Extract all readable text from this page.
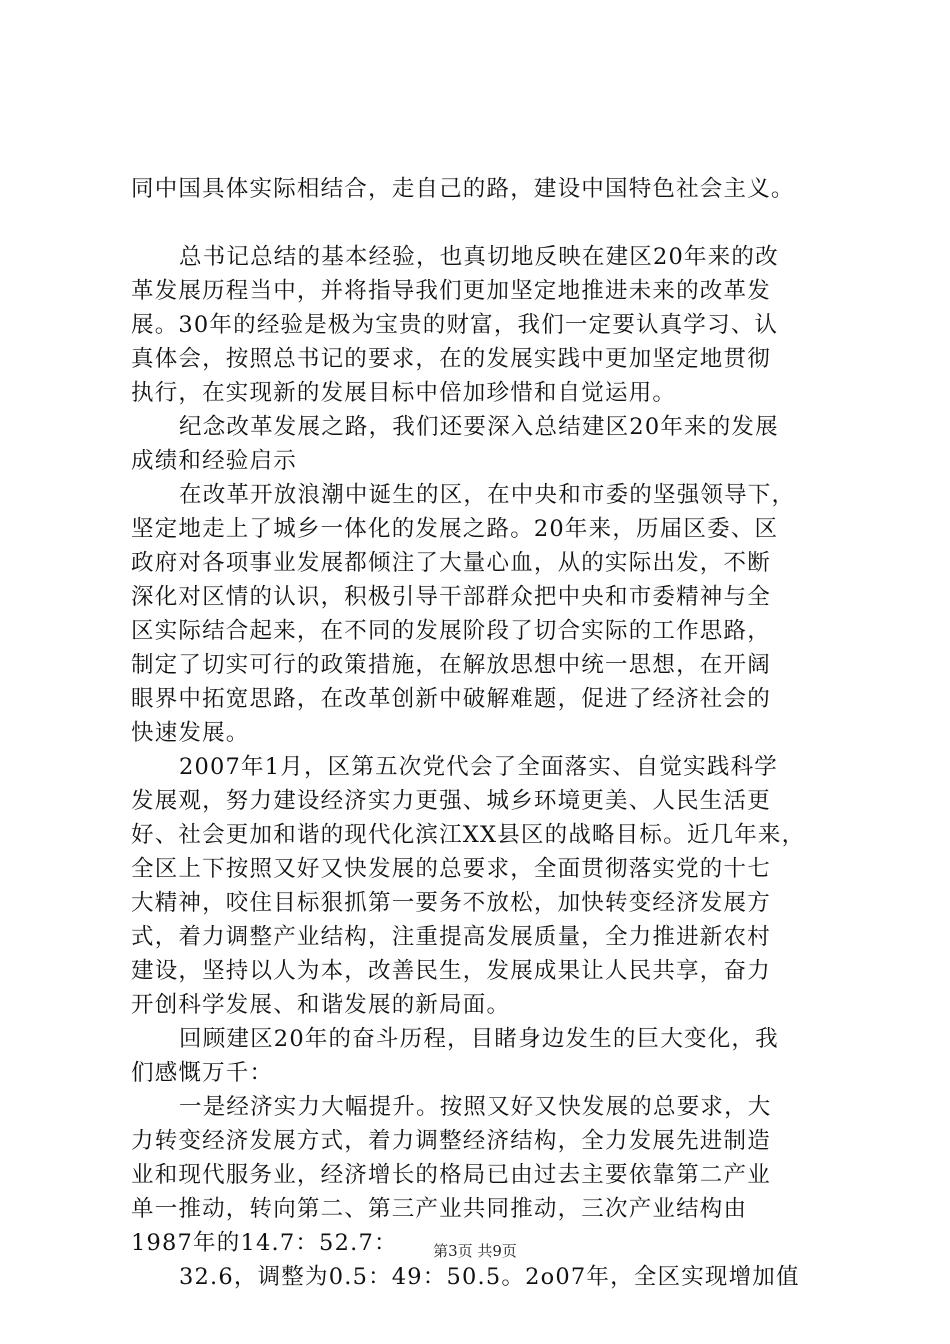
同中国具体实际相结合，走自己的路，建设中国特色社会主义。
总书记总结的基本经验，也真切地反映在建区20年来的改
革发展历程当中，并将指导我们更加坚定地推进未来的改革发
展。30年的经验是极为宝贵的财富，我们一定要认真学习、认
真体会，按照总书记的要求，在的发展实践中更加坚定地贯彻
执行，在实现新的发展目标中倍加珍惜和自觉运用。
纪念改革发展之路，我们还要深入总结建区20年来的发展
成绩和经验启示
在改革开放浪潮中诞生的区，在中央和市委的坚强领导下，
坚定地走上了城乡一体化的发展之路。20年来，历届区委、区
政府对各项事业发展都倾注了大量心血，从的实际出发，不断
深化对区情的认识，积极引导干部群众把中央和市委精神与全
区实际结合起来，在不同的发展阶段了切合实际的工作思路，
制定了切实可行的政策措施，在解放思想中统一思想，在开阔
眼界中拓宽思路，在改革创新中破解难题，促进了经济社会的
快速发展。
2007年1月，区第五次党代会了全面落实、自觉实践科学
发展观，努力建设经济实力更强、城乡环境更美、人民生活更
好、社会更加和谐的现代化滨江XX县区的战略目标。近几年来，
全区上下按照又好又快发展的总要求，全面贯彻落实党的十七
大精神，咬住目标狠抓第一要务不放松，加快转变经济发展方
式，着力调整产业结构，注重提高发展质量，全力推进新农村
建设，坚持以人为本，改善民生，发展成果让人民共享，奋力
开创科学发展、和谐发展的新局面。
回顾建区20年的奋斗历程，目睹身边发生的巨大变化，我
们感慨万千：
一是经济实力大幅提升。按照又好又快发展的总要求，大
力转变经济发展方式，着力调整经济结构，全力发展先进制造
业和现代服务业，经济增长的格局已由过去主要依靠第二产业
单一推动，转向第二、第三产业共同推动，三次产业结构由
1987年的14.7：52.7：
32.6，调整为0.5：49：50.5。2o07年，全区实现增加值
第3页 共9页
